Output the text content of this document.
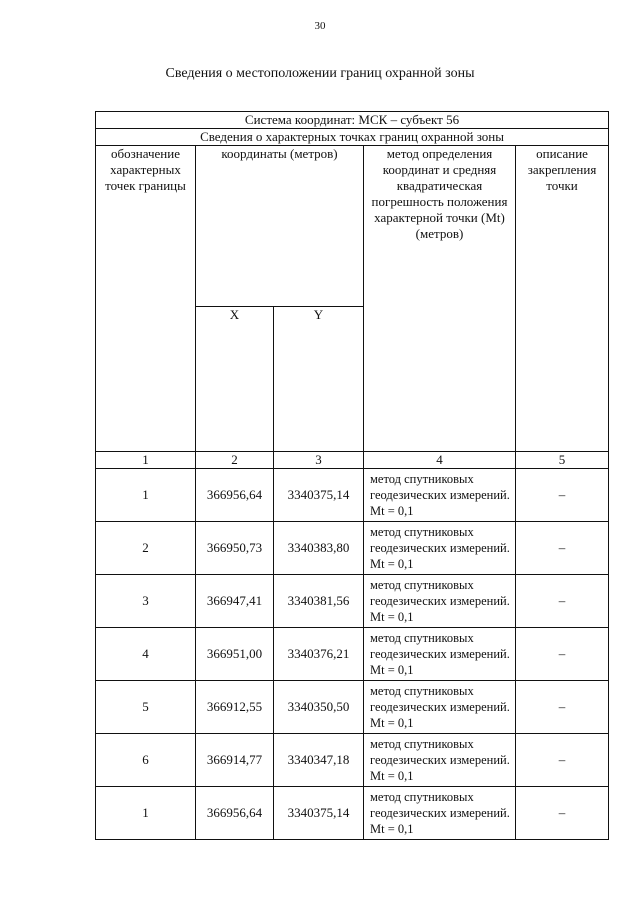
30
Сведения о местоположении границ охранной зоны
Система координат: МСК – субъект 56				
Сведения о характерных точках границ охранной зоны				
обозначение характерных точек границы	координаты (метров)		метод определения координат и средняя квадратическая погрешность положения характерной точки (Mt) (метров)	описание закрепления точки
	X	Y		
1	2	3	4	5
1	366956,64	3340375,14	метод спутниковых геодезических измерений. Mt = 0,1	–
2	366950,73	3340383,80	метод спутниковых геодезических измерений. Mt = 0,1	–
3	366947,41	3340381,56	метод спутниковых геодезических измерений. Mt = 0,1	–
4	366951,00	3340376,21	метод спутниковых геодезических измерений. Mt = 0,1	–
5	366912,55	3340350,50	метод спутниковых геодезических измерений. Mt = 0,1	–
6	366914,77	3340347,18	метод спутниковых геодезических измерений. Mt = 0,1	–
1	366956,64	3340375,14	метод спутниковых геодезических измерений. Mt = 0,1	–
